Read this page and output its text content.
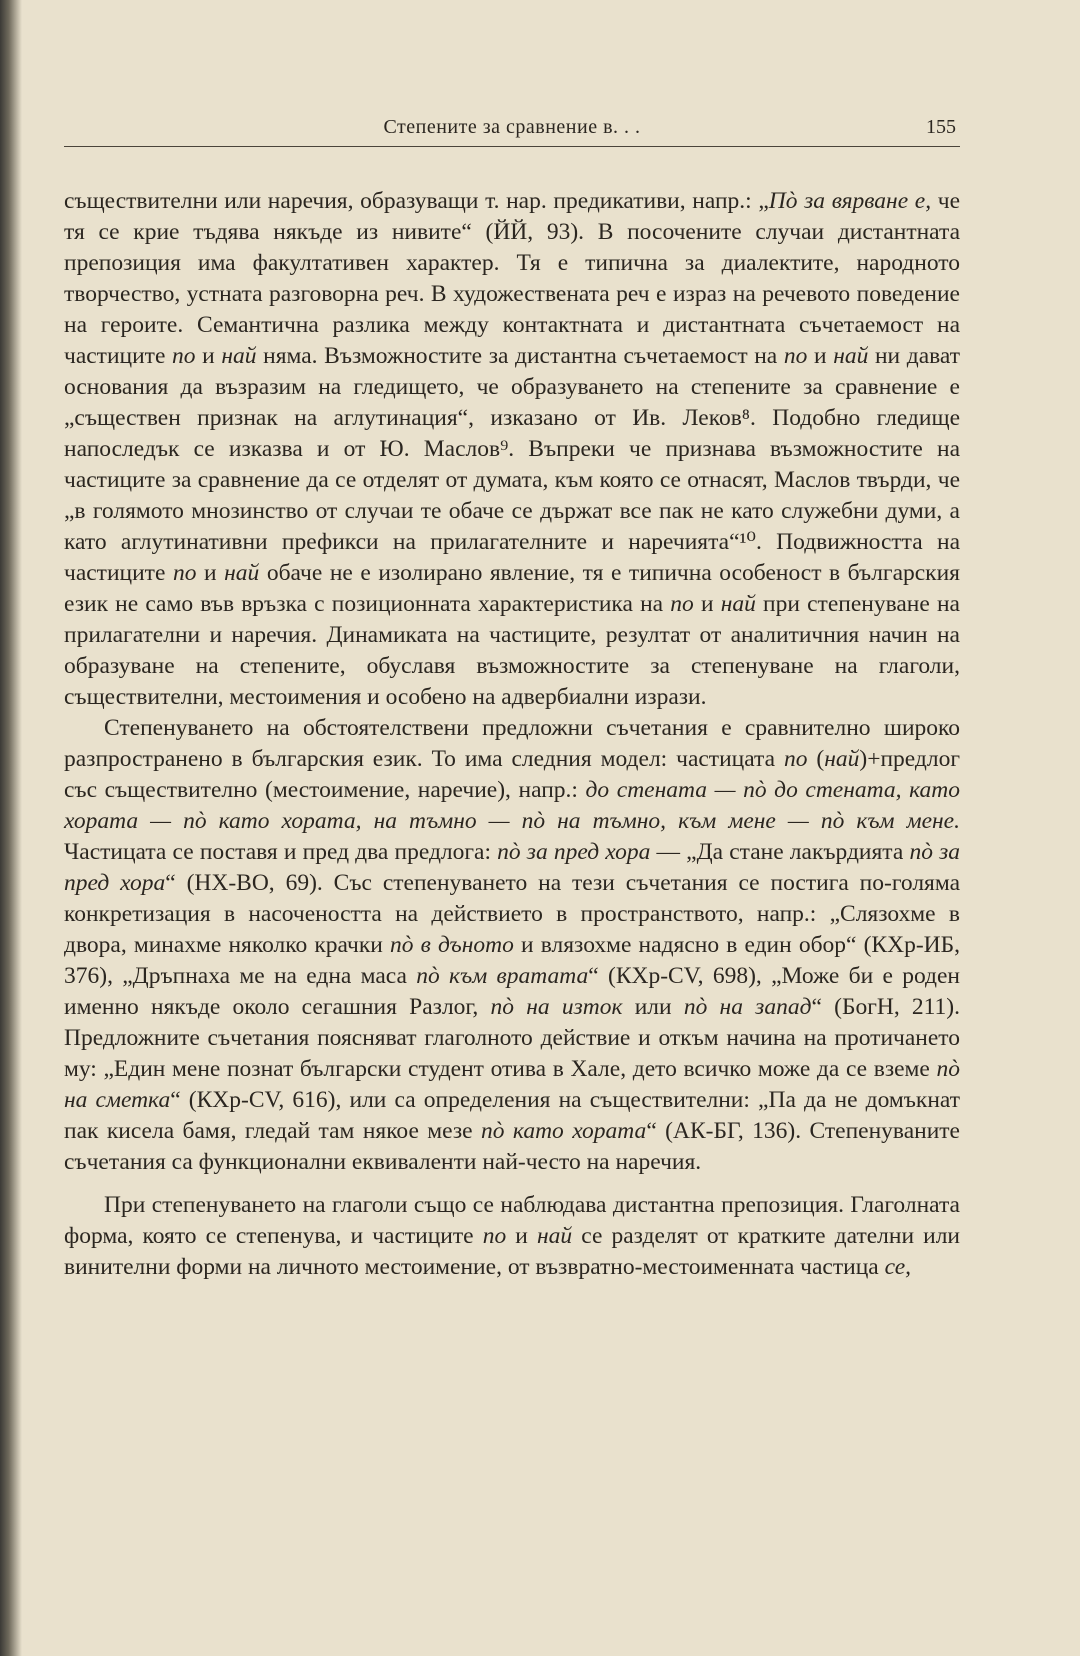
Степените за сравнение в. . .	155

съществителни или наречия, образуващи т. нар. предикативи, напр.: „Пò за вярване е, че тя се крие тъдява някъде из нивите“ (ЙЙ, 93). В посочените случаи дистантната препозиция има факултативен характер. Тя е типична за диалектите, народното творчество, устната разговорна реч. В художествената реч е израз на речевото поведение на героите. Семантична разлика между контактната и дистантната съчетаемост на частиците по и най няма. Възможностите за дистантна съчетаемост на по и най ни дават основания да възразим на гледището, че образуването на степените за сравнение е „съществен признак на аглутинация“, изказано от Ив. Леков⁸. Подобно гледище напоследък се изказва и от Ю. Маслов⁹. Въпреки че признава възможностите на частиците за сравнение да се отделят от думата, към която се отнасят, Маслов твърди, че „в голямото мнозинство от случаи те обаче се държат все пак не като служебни думи, а като аглутинативни префикси на прилагателните и наречията“¹⁰. Подвижността на частиците по и най обаче не е изолирано явление, тя е типична особеност в българския език не само във връзка с позиционната характеристика на по и най при степенуване на прилагателни и наречия. Динамиката на частиците, резултат от аналитичния начин на образуване на степените, обуславя възможностите за степенуване на глаголи, съществителни, местоимения и особено на адвербиални изрази.

Степенуването на обстоятелствени предложни съчетания е сравнително широко разпространено в българския език. То има следния модел: частицата по (най)+предлог със съществително (местоимение, наречие), напр.: до стената — пò до стената, като хората — пò като хората, на тъмно — пò на тъмно, към мене — пò към мене. Частицата се поставя и пред два предлога: пò за пред хора — „Да стане лакърдията пò за пред хора“ (НХ-ВО, 69). Със степенуването на тези съчетания се постига по-голяма конкретизация в насочеността на действието в пространството, напр.: „Слязохме в двора, минахме няколко крачки пò в дъното и влязохме надясно в един обор“ (КХр-ИБ, 376), „Дръпнаха ме на една маса пò към вратата“ (КХр-СV, 698), „Може би е роден именно някъде около сегашния Разлог, пò на изток или пò на запад“ (БогН, 211). Предложните съчетания поясняват глаголното действие и откъм начина на протичането му: „Един мене познат български студент отива в Хале, дето всичко може да се вземе пò на сметка“ (КХр-СV, 616), или са определения на съществителни: „Па да не домъкнат пак кисела бамя, гледай там някое мезе пò като хората“ (АК-БГ, 136). Степенуваните съчетания са функционални еквиваленти най-често на наречия.

При степенуването на глаголи също се наблюдава дистантна препозиция. Глаголната форма, която се степенува, и частиците по и най се разделят от кратките дателни или винителни форми на личното местоимение, от възвратно-местоименната частица се,
